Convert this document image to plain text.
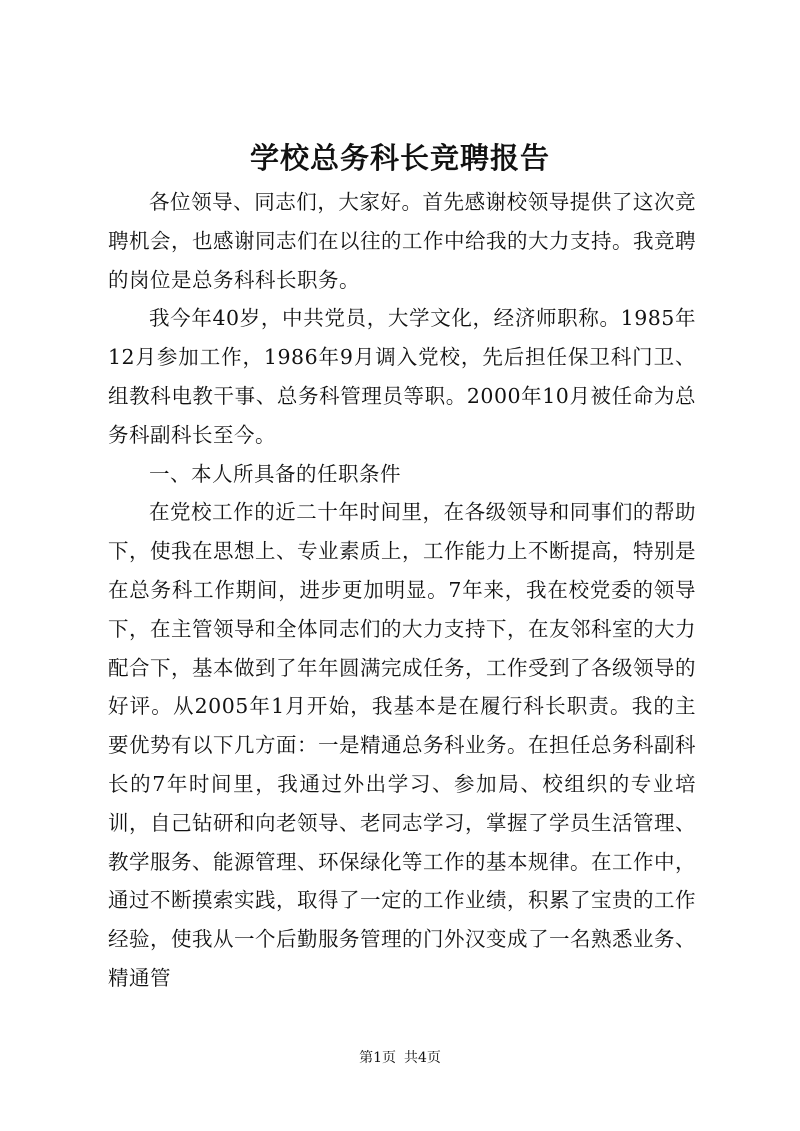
学校总务科长竞聘报告

各位领导、同志们，大家好。首先感谢校领导提供了这次竞聘机会，也感谢同志们在以往的工作中给我的大力支持。我竞聘的岗位是总务科科长职务。

我今年40岁，中共党员，大学文化，经济师职称。1985年12月参加工作，1986年9月调入党校，先后担任保卫科门卫、组教科电教干事、总务科管理员等职。2000年10月被任命为总务科副科长至今。

一、本人所具备的任职条件

在党校工作的近二十年时间里，在各级领导和同事们的帮助下，使我在思想上、专业素质上，工作能力上不断提高，特别是在总务科工作期间，进步更加明显。7年来，我在校党委的领导下，在主管领导和全体同志们的大力支持下，在友邻科室的大力配合下，基本做到了年年圆满完成任务，工作受到了各级领导的好评。从2005年1月开始，我基本是在履行科长职责。我的主要优势有以下几方面：一是精通总务科业务。在担任总务科副科长的7年时间里，我通过外出学习、参加局、校组织的专业培训，自己钻研和向老领导、老同志学习，掌握了学员生活管理、教学服务、能源管理、环保绿化等工作的基本规律。在工作中，通过不断摸索实践，取得了一定的工作业绩，积累了宝贵的工作经验，使我从一个后勤服务管理的门外汉变成了一名熟悉业务、精通管

第1页 共4页
